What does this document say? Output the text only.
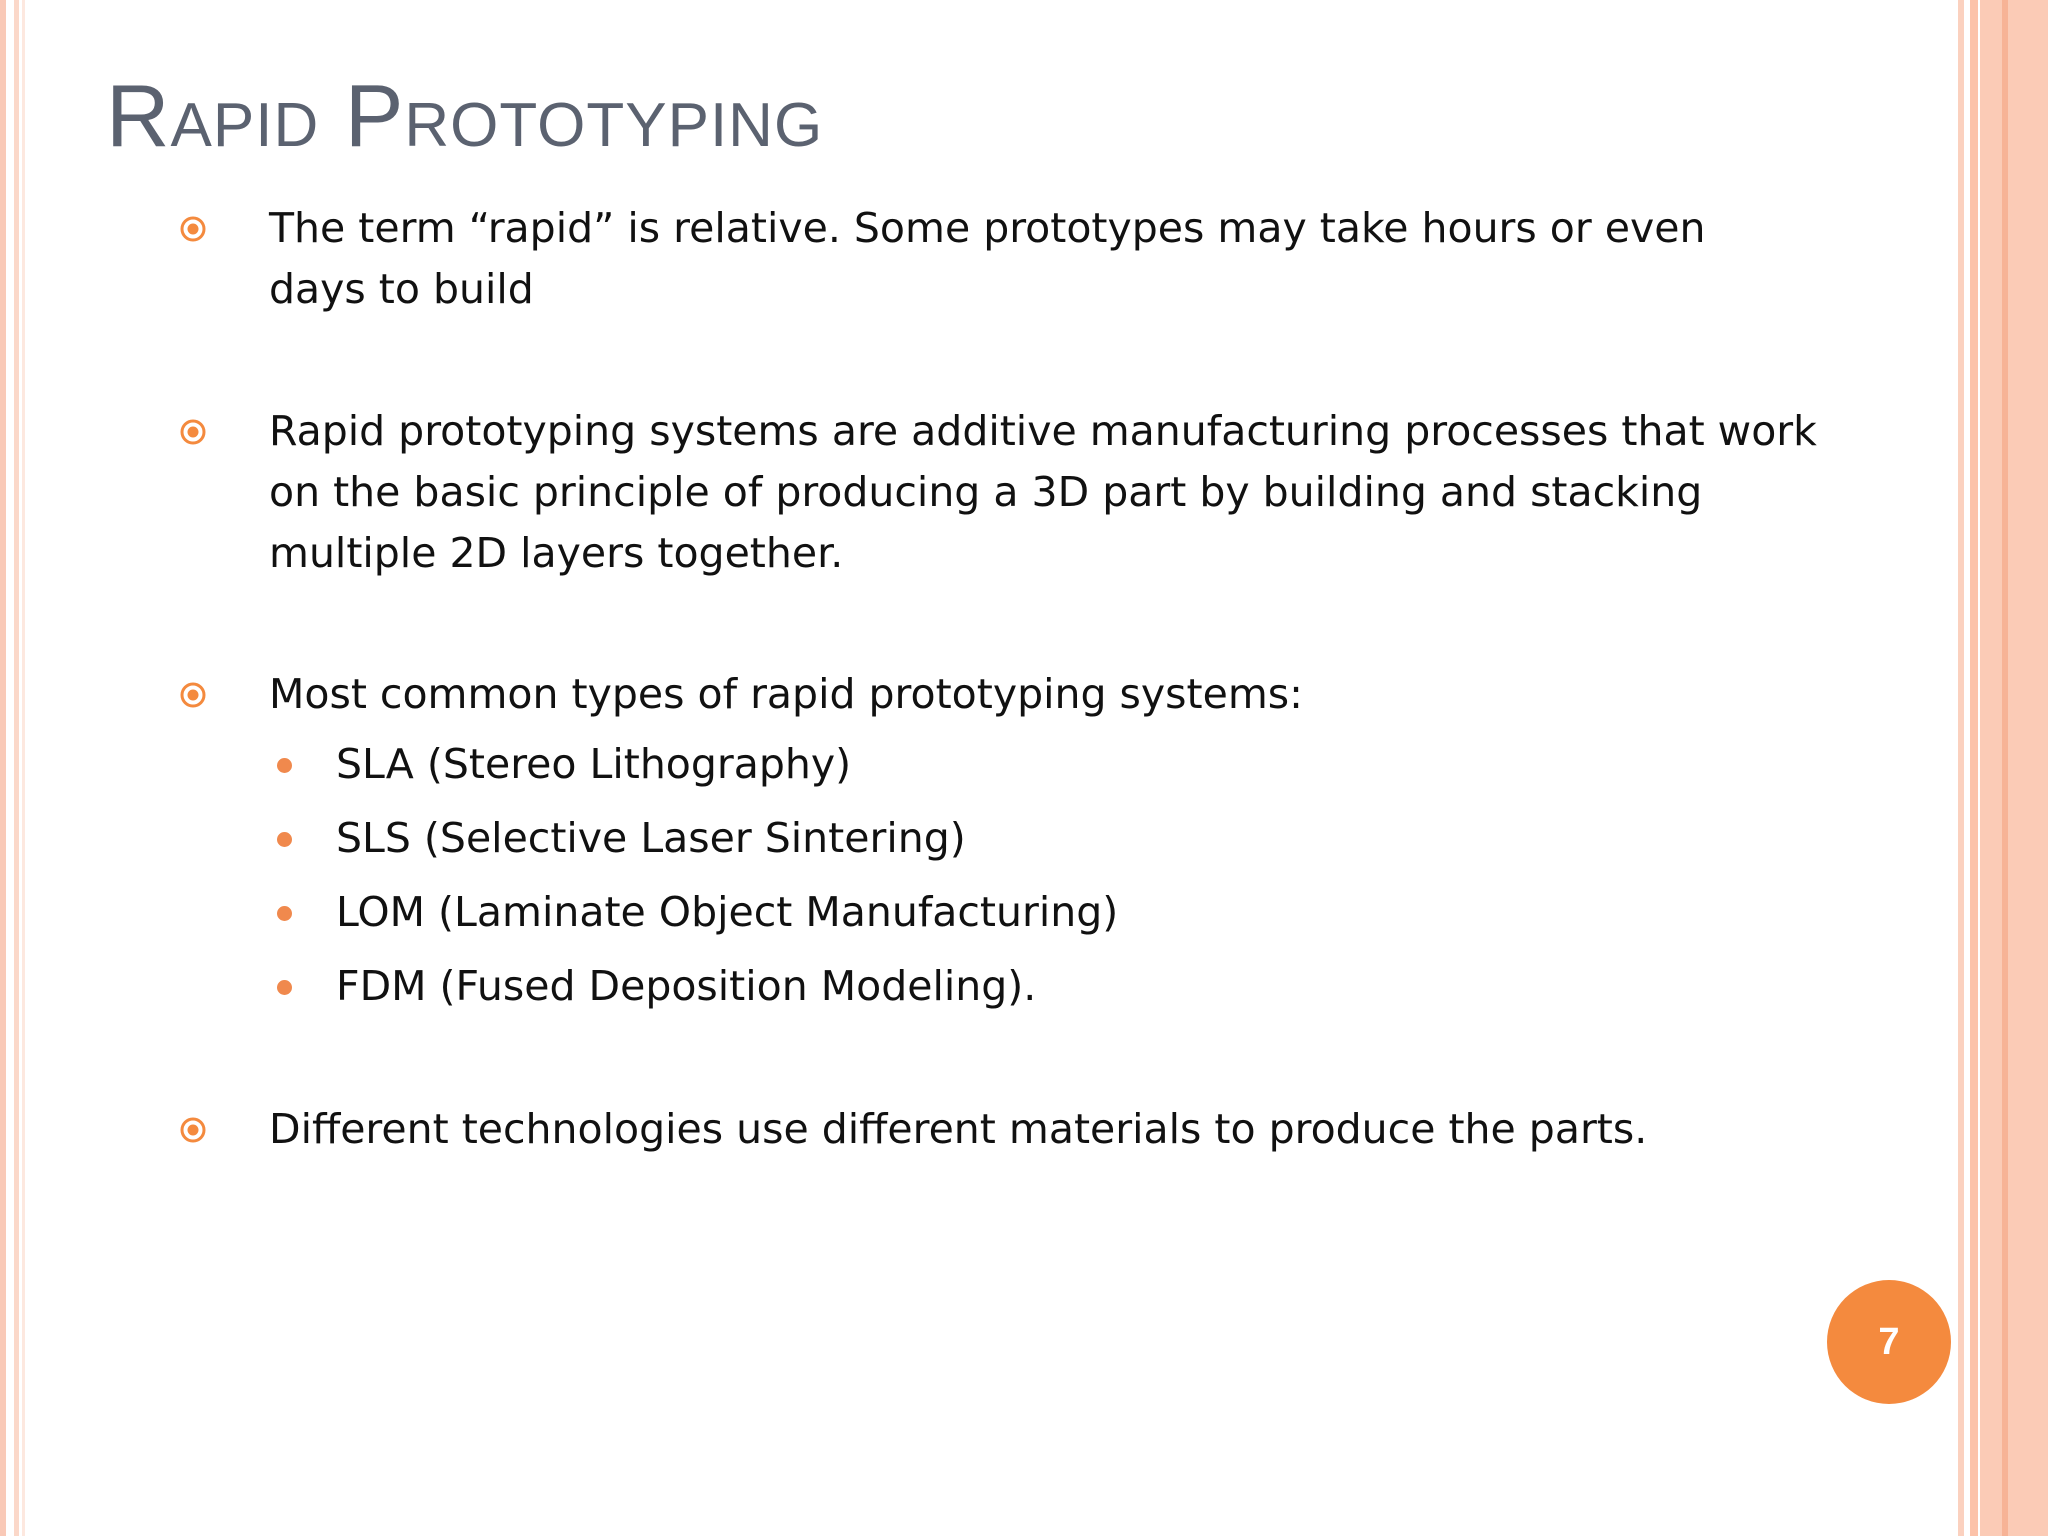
Rapid Prototyping
The term “rapid” is relative. Some prototypes may take hours or even
days to build
Rapid prototyping systems are additive manufacturing processes that work
on the basic principle of producing a 3D part by building and stacking
multiple 2D layers together.
Most common types of rapid prototyping systems:
SLA (Stereo Lithography)
SLS (Selective Laser Sintering)
LOM (Laminate Object Manufacturing)
FDM (Fused Deposition Modeling).
Different technologies use different materials to produce the parts.
7
